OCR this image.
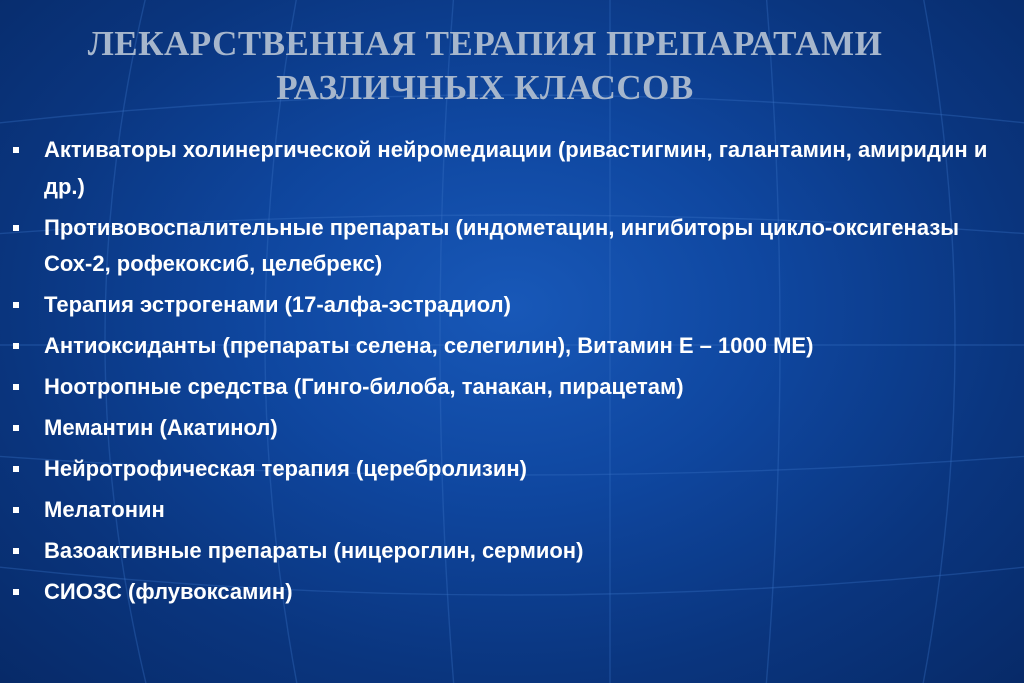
ЛЕКАРСТВЕННАЯ ТЕРАПИЯ ПРЕПАРАТАМИ
РАЗЛИЧНЫХ КЛАССОВ
Активаторы холинергической нейромедиации (ривастигмин, галантамин, амиридин и др.)
Противовоспалительные препараты (индометацин, ингибиторы цикло-оксигеназы Сох-2, рофекоксиб, целебрекс)
Терапия эстрогенами (17-алфа-эстрадиол)
Антиоксиданты (препараты селена, селегилин), Витамин Е – 1000 МЕ)
Ноотропные средства (Гинго-билоба, танакан, пирацетам)
Мемантин (Акатинол)
Нейротрофическая терапия (церебролизин)
Мелатонин
Вазоактивные препараты (ницероглин, сермион)
СИОЗС (флувоксамин)
